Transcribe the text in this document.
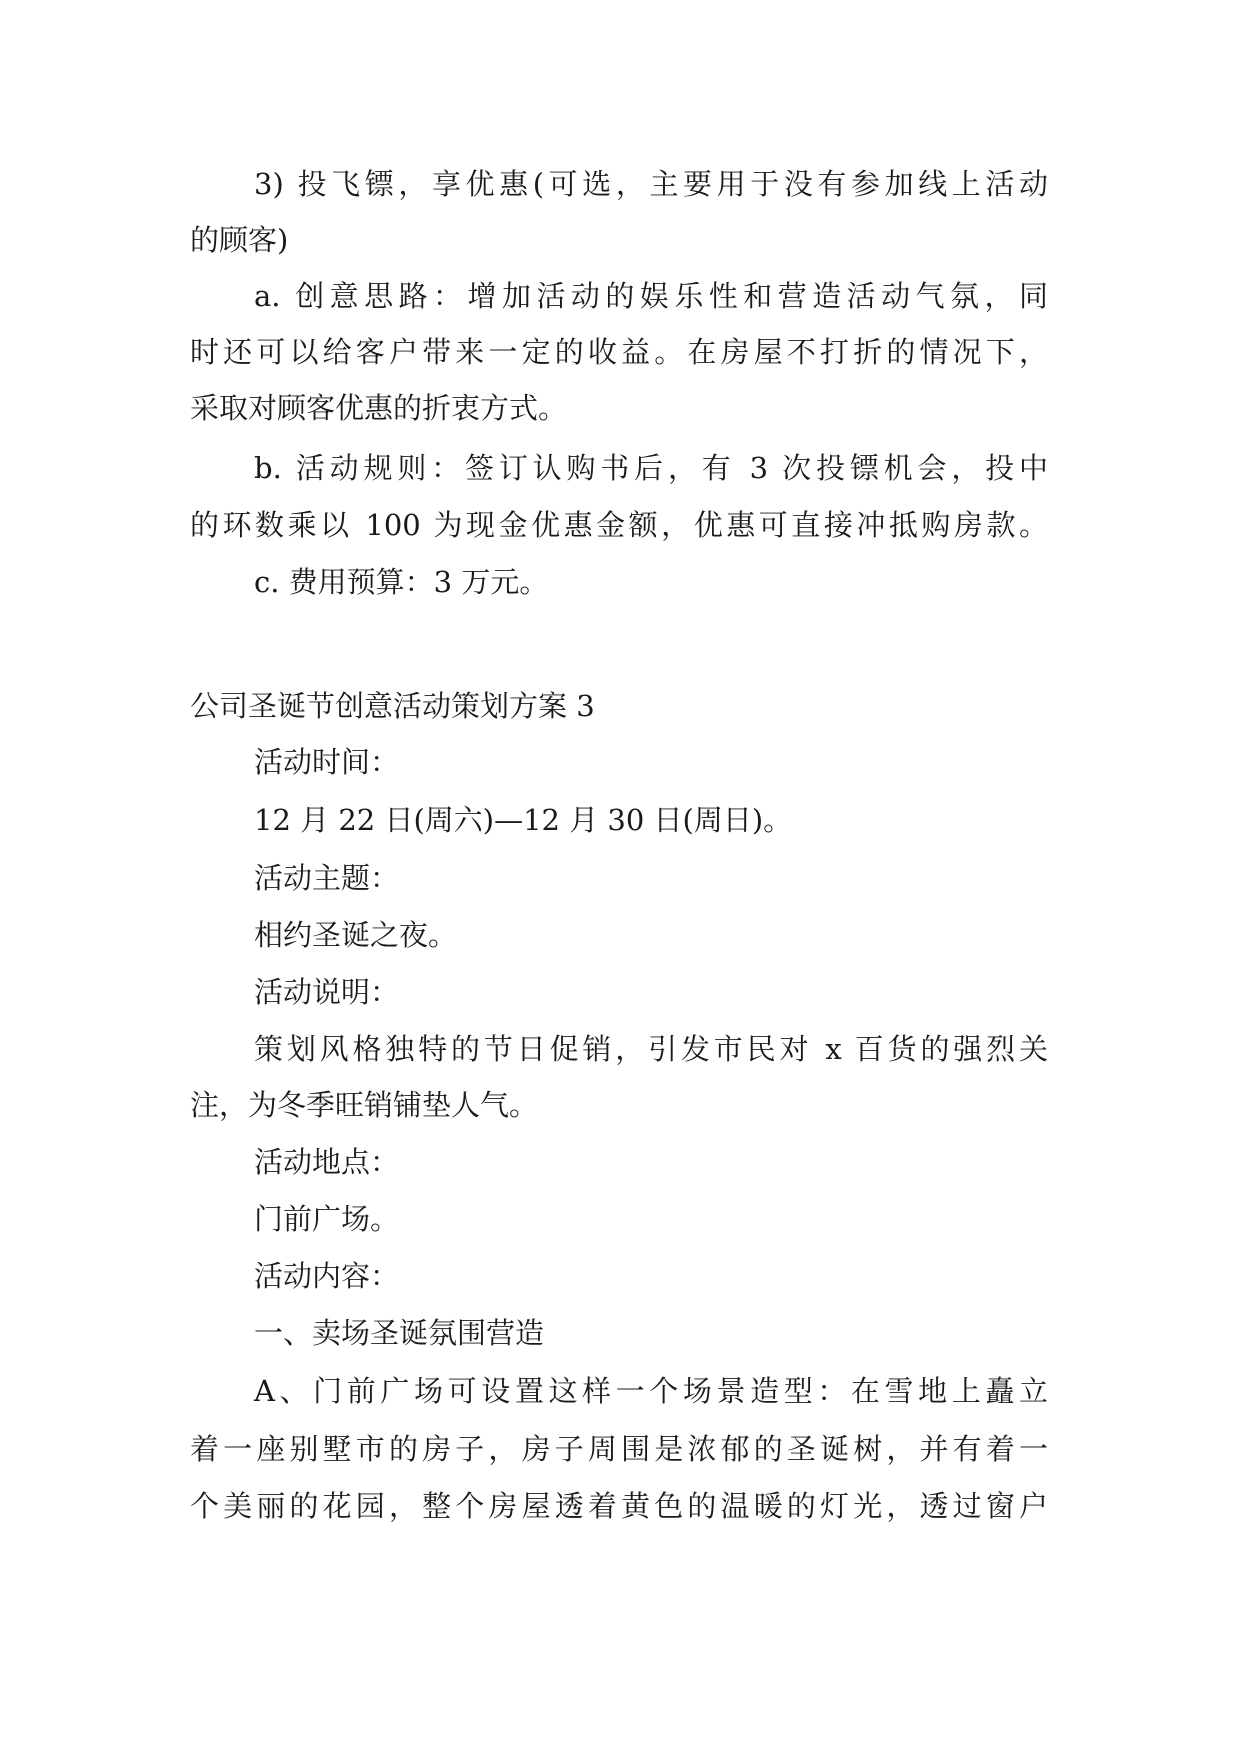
3) 投飞镖，享优惠(可选，主要用于没有参加线上活动
的顾客)
a. 创意思路：增加活动的娱乐性和营造活动气氛，同
时还可以给客户带来一定的收益。在房屋不打折的情况下，
采取对顾客优惠的折衷方式。
b. 活动规则：签订认购书后，有 3 次投镖机会，投中
的环数乘以 100 为现金优惠金额，优惠可直接冲抵购房款。
c. 费用预算：3 万元。
公司圣诞节创意活动策划方案 3
活动时间：
12 月 22 日(周六)—12 月 30 日(周日)。
活动主题：
相约圣诞之夜。
活动说明：
策划风格独特的节日促销，引发市民对 x 百货的强烈关
注，为冬季旺销铺垫人气。
活动地点：
门前广场。
活动内容：
一、卖场圣诞氛围营造
A、门前广场可设置这样一个场景造型：在雪地上矗立
着一座别墅市的房子，房子周围是浓郁的圣诞树，并有着一
个美丽的花园，整个房屋透着黄色的温暖的灯光，透过窗户
